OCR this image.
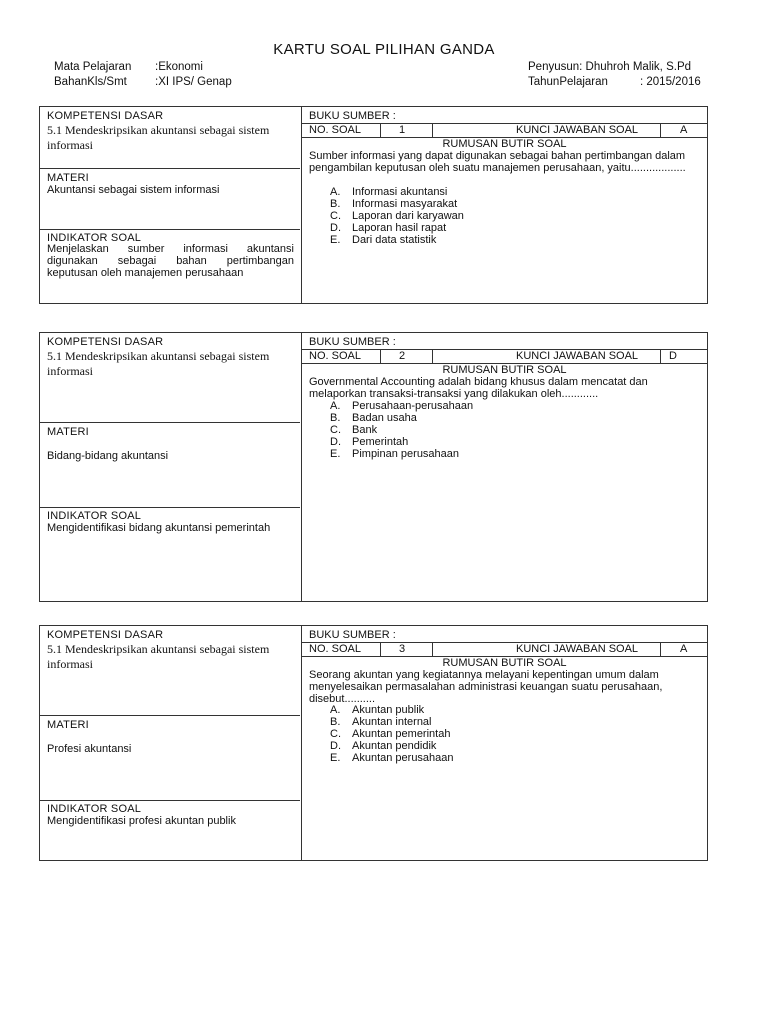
KARTU SOAL PILIHAN GANDA
Mata Pelajaran :Ekonomi
BahanKls/Smt :XI IPS/ Genap
Penyusun: Dhuhroh Malik, S.Pd
TahunPelajaran	: 2015/2016
KOMPETENSI DASAR
5.1 Mendeskripsikan akuntansi sebagai sistem informasi
MATERI
Akuntansi sebagai sistem informasi
INDIKATOR SOAL
Menjelaskan sumber informasi akuntansi digunakan sebagai bahan pertimbangan keputusan oleh manajemen perusahaan
BUKU SUMBER :
NO. SOAL	1	KUNCI JAWABAN SOAL	A
RUMUSAN BUTIR SOAL
Sumber informasi yang dapat digunakan sebagai bahan pertimbangan dalam pengambilan keputusan oleh suatu manajemen perusahaan, yaitu..................
A. Informasi akuntansi
B. Informasi masyarakat
C. Laporan dari karyawan
D. Laporan hasil rapat
E. Dari data statistik
KOMPETENSI DASAR
5.1 Mendeskripsikan akuntansi sebagai sistem informasi
MATERI
Bidang-bidang akuntansi
INDIKATOR SOAL
Mengidentifikasi bidang akuntansi pemerintah
BUKU SUMBER :
NO. SOAL	2	KUNCI JAWABAN SOAL	D
RUMUSAN BUTIR SOAL
Governmental Accounting adalah bidang khusus dalam mencatat dan melaporkan transaksi-transaksi yang dilakukan oleh............
A. Perusahaan-perusahaan
B. Badan usaha
C. Bank
D. Pemerintah
E. Pimpinan perusahaan
KOMPETENSI DASAR
5.1 Mendeskripsikan akuntansi sebagai sistem informasi
MATERI
Profesi akuntansi
INDIKATOR SOAL
Mengidentifikasi profesi akuntan publik
BUKU SUMBER :
NO. SOAL	3	KUNCI JAWABAN SOAL	A
RUMUSAN BUTIR SOAL
Seorang akuntan yang kegiatannya melayani kepentingan umum dalam menyelesaikan permasalahan administrasi keuangan suatu perusahaan, disebut..........
A. Akuntan publik
B. Akuntan internal
C. Akuntan pemerintah
D. Akuntan pendidik
E. Akuntan perusahaan
